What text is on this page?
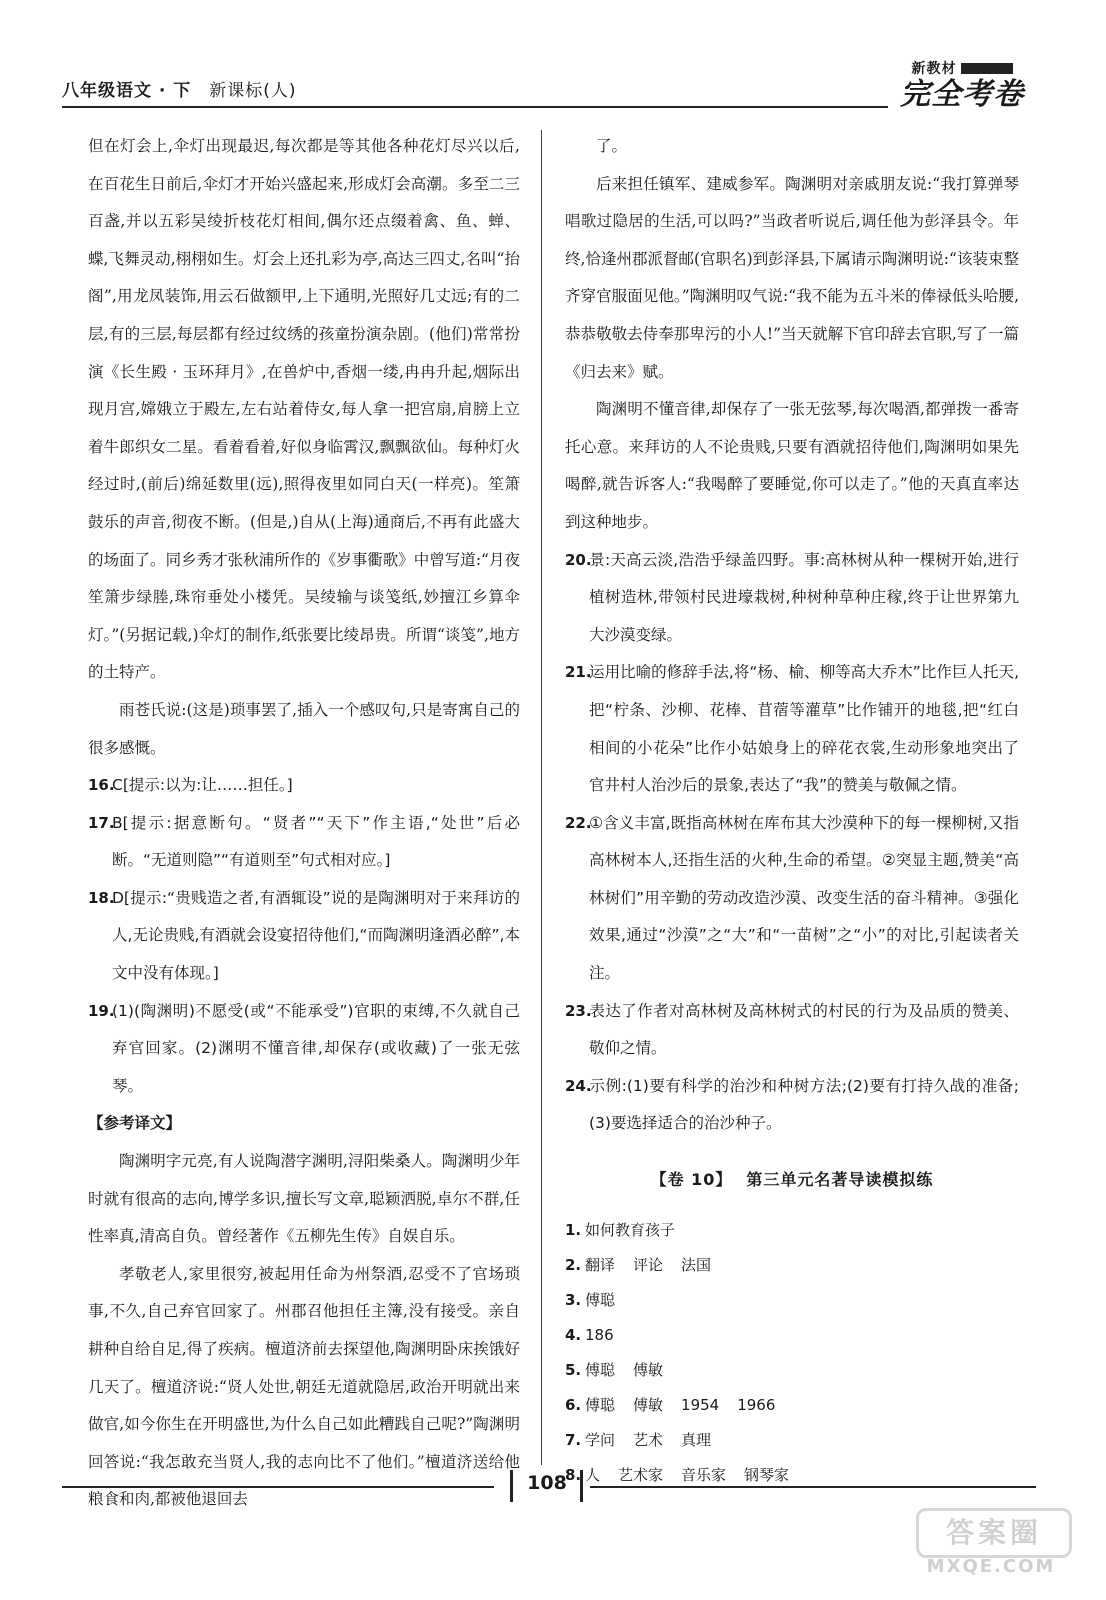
八年级语文 · 下 新课标(人)
新教材
完全考卷

但在灯会上,伞灯出现最迟,每次都是等其他各种花灯尽兴以后,在百花生日前后,伞灯才开始兴盛起来,形成灯会高潮。多至二三百盏,并以五彩吴绫折枝花灯相间,偶尔还点缀着禽、鱼、蝉、蝶,飞舞灵动,栩栩如生。灯会上还扎彩为亭,高达三四丈,名叫“抬阁”,用龙凤装饰,用云石做额甲,上下通明,光照好几丈远;有的二层,有的三层,每层都有经过纹绣的孩童扮演杂剧。(他们)常常扮演《长生殿 · 玉环拜月》,在兽炉中,香烟一缕,冉冉升起,烟际出现月宫,嫦娥立于殿左,左右站着侍女,每人拿一把宫扇,肩膀上立着牛郎织女二星。看着看着,好似身临霄汉,飘飘欲仙。每种灯火经过时,(前后)绵延数里(远),照得夜里如同白天(一样亮)。笙箫鼓乐的声音,彻夜不断。(但是,)自从(上海)通商后,不再有此盛大的场面了。同乡秀才张秋浦所作的《岁事衢歌》中曾写道:“月夜笙箫步绿塍,珠帘垂处小楼凭。吴绫输与谈笺纸,妙擅江乡算伞灯。”(另据记载,)伞灯的制作,纸张要比绫昂贵。所谓“谈笺”,地方的土特产。

雨苍氏说:(这是)琐事罢了,插入一个感叹句,只是寄寓自己的很多感慨。

16.C[提示:以为:让……担任。]

17.B[提示:据意断句。“贤者”“天下”作主语,“处世”后必断。“无道则隐”“有道则至”句式相对应。]

18.D[提示:“贵贱造之者,有酒辄设”说的是陶渊明对于来拜访的人,无论贵贱,有酒就会设宴招待他们,“而陶渊明逢酒必醉”,本文中没有体现。]

19.(1)(陶渊明)不愿受(或“不能承受”)官职的束缚,不久就自己弃官回家。(2)渊明不懂音律,却保存(或收藏)了一张无弦琴。

【参考译文】

陶渊明字元亮,有人说陶潜字渊明,浔阳柴桑人。陶渊明少年时就有很高的志向,博学多识,擅长写文章,聪颖洒脱,卓尔不群,任性率真,清高自负。曾经著作《五柳先生传》自娱自乐。

孝敬老人,家里很穷,被起用任命为州祭酒,忍受不了官场琐事,不久,自己弃官回家了。州郡召他担任主簿,没有接受。亲自耕种自给自足,得了疾病。檀道济前去探望他,陶渊明卧床挨饿好几天了。檀道济说:“贤人处世,朝廷无道就隐居,政治开明就出来做官,如今你生在开明盛世,为什么自己如此糟践自己呢?”陶渊明回答说:“我怎敢充当贤人,我的志向比不了他们。”檀道济送给他粮食和肉,都被他退回去

了。

后来担任镇军、建威参军。陶渊明对亲戚朋友说:“我打算弹琴唱歌过隐居的生活,可以吗?”当政者听说后,调任他为彭泽县令。年终,恰逢州郡派督邮(官职名)到彭泽县,下属请示陶渊明说:“该装束整齐穿官服面见他。”陶渊明叹气说:“我不能为五斗米的俸禄低头哈腰,恭恭敬敬去侍奉那卑污的小人!”当天就解下官印辞去官职,写了一篇《归去来》赋。

陶渊明不懂音律,却保存了一张无弦琴,每次喝酒,都弹拨一番寄托心意。来拜访的人不论贵贱,只要有酒就招待他们,陶渊明如果先喝醉,就告诉客人:“我喝醉了要睡觉,你可以走了。”他的天真直率达到这种地步。

20.景:天高云淡,浩浩乎绿盖四野。事:高林树从种一棵树开始,进行植树造林,带领村民进壕栽树,种树种草种庄稼,终于让世界第九大沙漠变绿。

21.运用比喻的修辞手法,将“杨、榆、柳等高大乔木”比作巨人托天,把“柠条、沙柳、花棒、苜蓿等灌草”比作铺开的地毯,把“红白相间的小花朵”比作小姑娘身上的碎花衣裳,生动形象地突出了官井村人治沙后的景象,表达了“我”的赞美与敬佩之情。

22.①含义丰富,既指高林树在库布其大沙漠种下的每一棵柳树,又指高林树本人,还指生活的火种,生命的希望。②突显主题,赞美“高林树们”用辛勤的劳动改造沙漠、改变生活的奋斗精神。③强化效果,通过“沙漠”之“大”和“一苗树”之“小”的对比,引起读者关注。

23.表达了作者对高林树及高林树式的村民的行为及品质的赞美、敬仰之情。

24.示例:(1)要有科学的治沙和种树方法;(2)要有打持久战的准备;(3)要选择适合的治沙种子。

【卷 10】 第三单元名著导读模拟练
1. 如何教育孩子
2. 翻译 评论 法国
3. 傅聪
4. 186
5. 傅聪 傅敏
6. 傅聪 傅敏 1954 1966
7. 学问 艺术 真理
8. 人 艺术家 音乐家 钢琴家
108
答案圈
MXQE.COM
